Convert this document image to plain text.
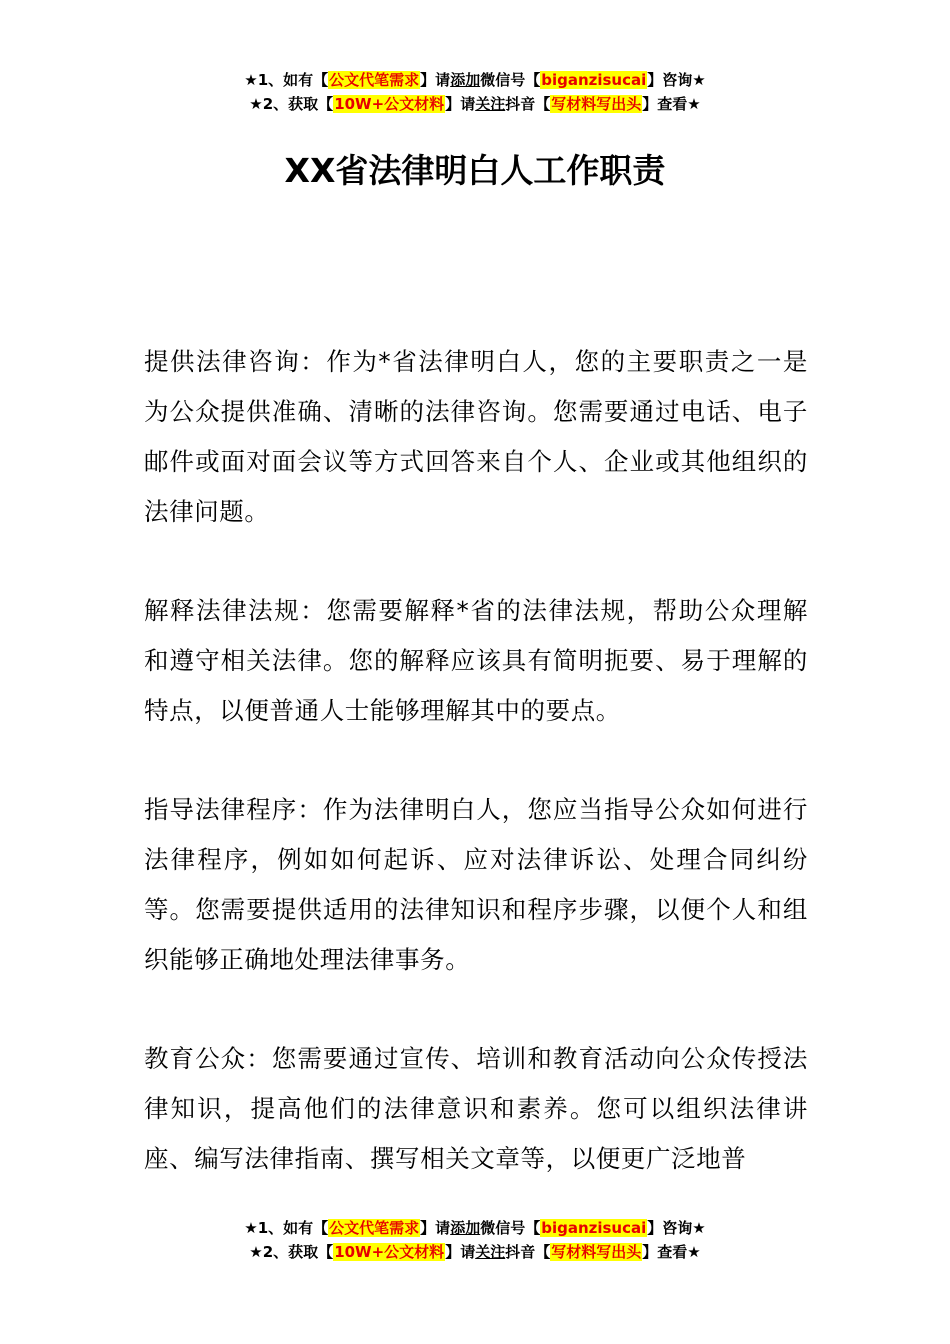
★1、如有【公文代笔需求】请添加微信号【biganzisucai】咨询★
★2、获取【10W+公文材料】请关注抖音【写材料写出头】查看★
XX省法律明白人工作职责

提供法律咨询：作为*省法律明白人，您的主要职责之一是为公众提供准确、清晰的法律咨询。您需要通过电话、电子邮件或面对面会议等方式回答来自个人、企业或其他组织的法律问题。

解释法律法规：您需要解释*省的法律法规，帮助公众理解和遵守相关法律。您的解释应该具有简明扼要、易于理解的特点，以便普通人士能够理解其中的要点。

指导法律程序：作为法律明白人，您应当指导公众如何进行法律程序，例如如何起诉、应对法律诉讼、处理合同纠纷等。您需要提供适用的法律知识和程序步骤，以便个人和组织能够正确地处理法律事务。

教育公众：您需要通过宣传、培训和教育活动向公众传授法律知识，提高他们的法律意识和素养。您可以组织法律讲座、编写法律指南、撰写相关文章等，以便更广泛地普

★1、如有【公文代笔需求】请添加微信号【biganzisucai】咨询★
★2、获取【10W+公文材料】请关注抖音【写材料写出头】查看★
